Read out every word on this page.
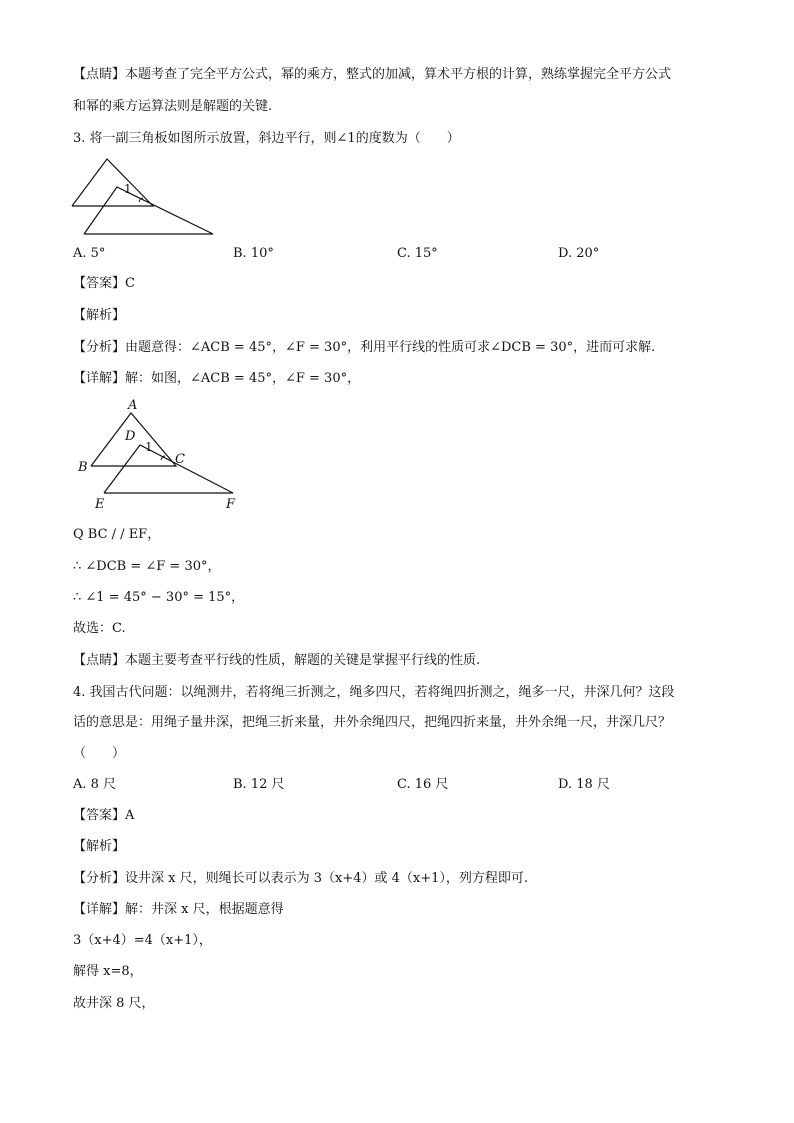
【点睛】本题考查了完全平方公式，幂的乘方，整式的加减，算术平方根的计算，熟练掌握完全平方公式
和幂的乘方运算法则是解题的关键.
3. 将一副三角板如图所示放置，斜边平行，则∠1的度数为（　　）
1
A. 5°	B. 10°	C. 15°	D. 20°
【答案】C
【解析】
【分析】由题意得：∠ACB = 45°，∠F = 30°，利用平行线的性质可求∠DCB = 30°，进而可求解.
【详解】解：如图，∠ACB = 45°，∠F = 30°，
A
B
C
D
E	F
1
Q BC / / EF，
∴ ∠DCB = ∠F = 30°，
∴ ∠1 = 45° − 30° = 15°，
故选：C.
【点睛】本题主要考查平行线的性质，解题的关键是掌握平行线的性质.
4. 我国古代问题：以绳测井，若将绳三折测之，绳多四尺，若将绳四折测之，绳多一尺，井深几何？这段
话的意思是：用绳子量井深，把绳三折来量，井外余绳四尺，把绳四折来量，井外余绳一尺，井深几尺？
（　　）
A. 8 尺	B. 12 尺	C. 16 尺	D. 18 尺
【答案】A
【解析】
【分析】设井深 x 尺，则绳长可以表示为 3（x+4）或 4（x+1），列方程即可.
【详解】解：井深 x 尺，根据题意得
3（x+4）=4（x+1），
解得 x=8，
故井深 8 尺，
